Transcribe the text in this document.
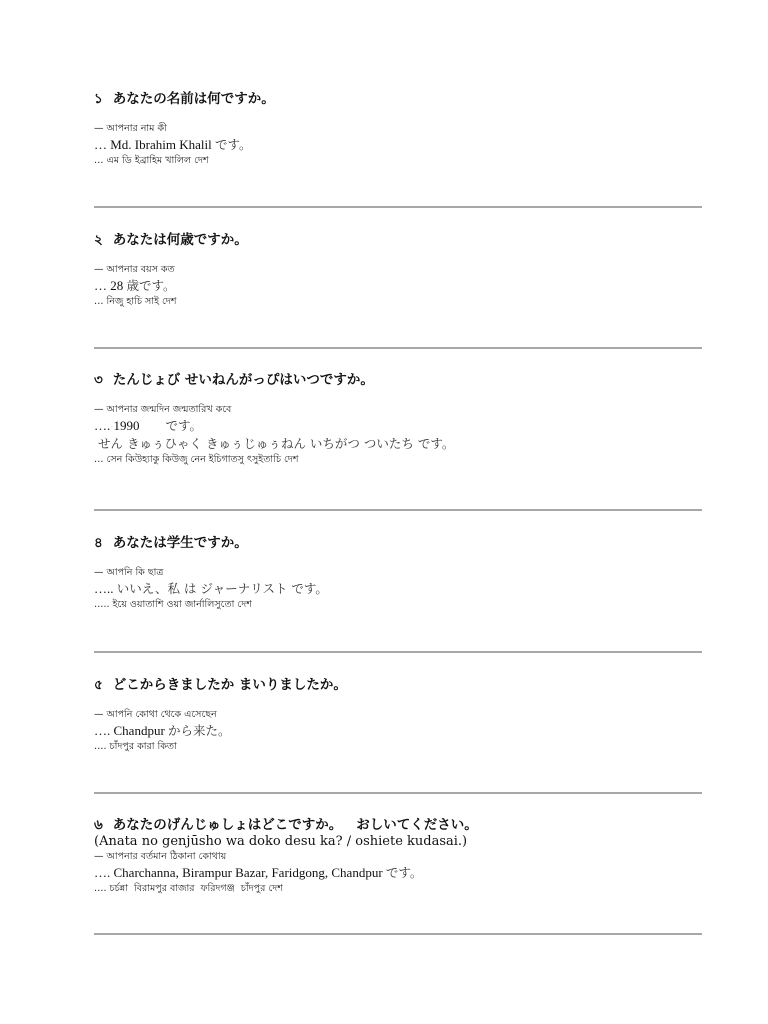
১ あなたの名前は何ですか。
— আপনার নাম কী
… Md. Ibrahim Khalil です。
… এম ডি ইব্রাহিম খালিল দেশ
২ あなたは何歳ですか。
— আপনার বয়স কত
… 28 歳です。
… নিজু হাচি সাই দেশ
৩ たんじょび せいねんがっぴはいつですか。
— আপনার জন্মদিন জন্মতারিখ কবে
…. 1990        です。
せん きゅぅひゃく きゅぅじゅぅねん いちがつ ついたち です。
… সেন কিউহ্যাকু কিউজু নেন ইচিগাতসু ৎসুইতাচি দেশ
৪ あなたは学生ですか。
— আপনি কি ছাত্র
….. いいえ、私 は ジャーナリスト です。
….. ইয়ে ওয়াতাশি ওয়া জার্নালিসুতো দেশ
৫ どこからきましたか まいりましたか。
— আপনি কোথা থেকে এসেছেন
…. Chandpur から来た。
…. চাঁদপুর কারা কিতা
৬ あなたのげんじゅしょはどこですか。   おしいてください。
(Anata no genjūsho wa doko desu ka? / oshiete kudasai.)
— আপনার বর্তমান ঠিকানা কোথায়
…. Charchanna, Birampur Bazar, Faridgong, Chandpur です。
…. চর্চন্না  বিরামপুর বাজার  ফরিদগঞ্জ  চাঁদপুর দেশ
